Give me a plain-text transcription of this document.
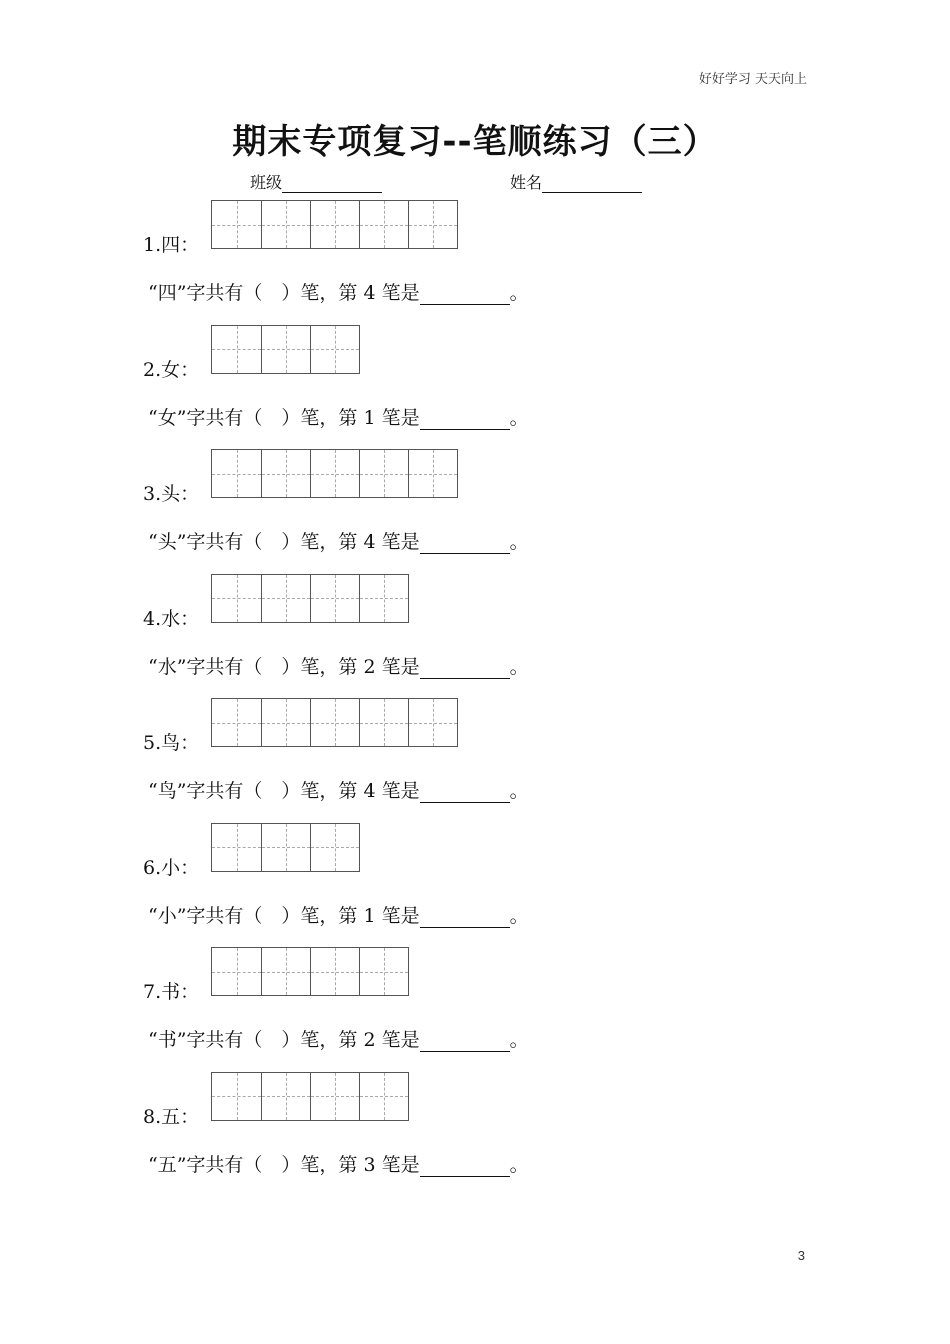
好好学习 天天向上
期末专项复习--笔顺练习（三）
班级	姓名
1.四：
“四”字共有（　）笔，第 4 笔是	。
2.女：
“女”字共有（　）笔，第 1 笔是	。
3.头：
“头”字共有（　）笔，第 4 笔是	。
4.水：
“水”字共有（　）笔，第 2 笔是	。
5.鸟：
“鸟”字共有（　）笔，第 4 笔是	。
6.小：
“小”字共有（　）笔，第 1 笔是	。
7.书：
“书”字共有（　）笔，第 2 笔是	。
8.五：
“五”字共有（　）笔，第 3 笔是	。
3
